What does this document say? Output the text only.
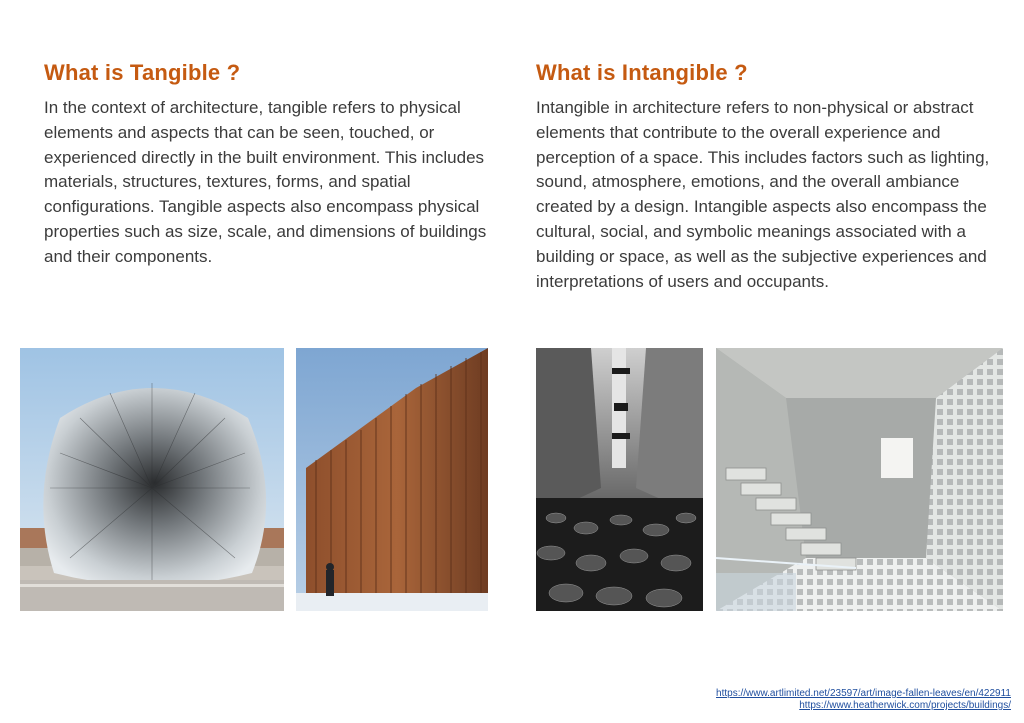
What is Tangible ?

In the context of architecture, tangible refers to physical elements and aspects that can be seen, touched, or experienced directly in the built environment. This includes materials, structures, textures, forms, and spatial configurations. Tangible aspects also encompass physical properties such as size, scale, and dimensions of buildings and their components.

What is Intangible ?

Intangible in architecture refers to non-physical or abstract elements that contribute to the overall experience and perception of a space. This includes factors such as lighting, sound, atmosphere, emotions, and the overall ambiance created by a design. Intangible aspects also encompass the cultural, social, and symbolic meanings associated with a building or space, as well as the subjective experiences and interpretations of users and occupants.

https://www.artlimited.net/23597/art/image-fallen-leaves/en/422911
https://www.heatherwick.com/projects/buildings/
